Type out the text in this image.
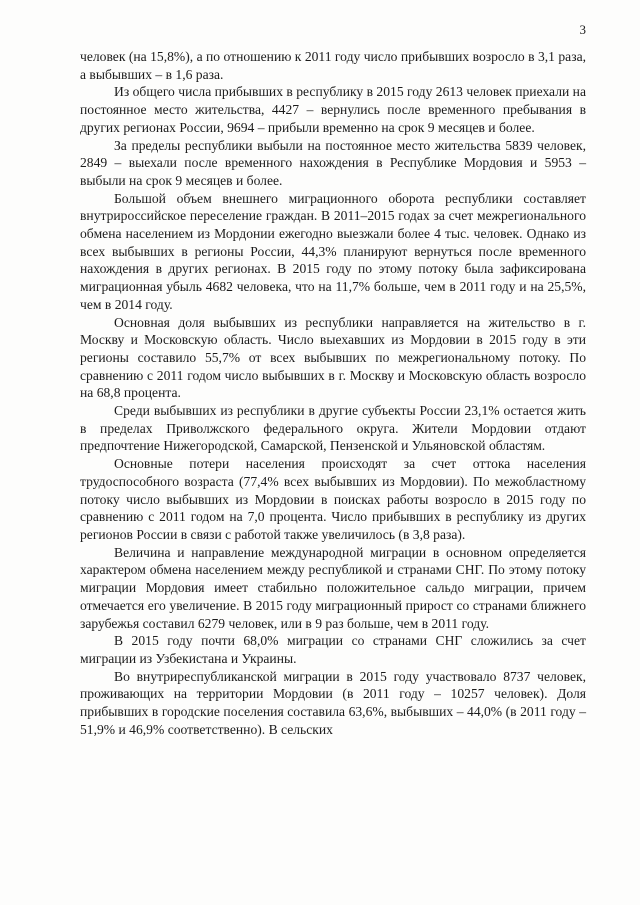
3

человек (на 15,8%), а по отношению к 2011 году число прибывших возросло в 3,1 раза, а выбывших – в 1,6 раза.

Из общего числа прибывших в республику в 2015 году 2613 человек приехали на постоянное место жительства, 4427 – вернулись после временного пребывания в других регионах России, 9694 – прибыли временно на срок 9 месяцев и более.

За пределы республики выбыли на постоянное место жительства 5839 человек, 2849 – выехали после временного нахождения в Республике Мордовия и 5953 – выбыли на срок 9 месяцев и более.

Большой объем внешнего миграционного оборота республики составляет внутрироссийское переселение граждан. В 2011–2015 годах за счет межрегионального обмена населением из Мордонии ежегодно выезжали более 4 тыс. человек. Однако из всех выбывших в регионы России, 44,3% планируют вернуться после временного нахождения в других регионах. В 2015 году по этому потоку была зафиксирована миграционная убыль 4682 человека, что на 11,7% больше, чем в 2011 году и на 25,5%, чем в 2014 году.

Основная доля выбывших из республики направляется на жительство в г. Москву и Московскую область. Число выехавших из Мордовии в 2015 году в эти регионы составило 55,7% от всех выбывших по межрегиональному потоку. По сравнению с 2011 годом число выбывших в г. Москву и Московскую область возросло на 68,8 процента.

Среди выбывших из республики в другие субъекты России 23,1% остается жить в пределах Приволжского федерального округа. Жители Мордовии отдают предпочтение Нижегородской, Самарской, Пензенской и Ульяновской областям.

Основные потери населения происходят за счет оттока населения трудоспособного возраста (77,4% всех выбывших из Мордовии). По межобластному потоку число выбывших из Мордовии в поисках работы возросло в 2015 году по сравнению с 2011 годом на 7,0 процента. Число прибывших в республику из других регионов России в связи с работой также увеличилось (в 3,8 раза).

Величина и направление международной миграции в основном определяется характером обмена населением между республикой и странами СНГ. По этому потоку миграции Мордовия имеет стабильно положительное сальдо миграции, причем отмечается его увеличение. В 2015 году миграционный прирост со странами ближнего зарубежья составил 6279 человек, или в 9 раз больше, чем в 2011 году.

В 2015 году почти 68,0% миграции со странами СНГ сложились за счет миграции из Узбекистана и Украины.

Во внутриреспубликанской миграции в 2015 году участвовало 8737 человек, проживающих на территории Мордовии (в 2011 году – 10257 человек). Доля прибывших в городские поселения составила 63,6%, выбывших – 44,0% (в 2011 году – 51,9% и 46,9% соответственно). В сельских
